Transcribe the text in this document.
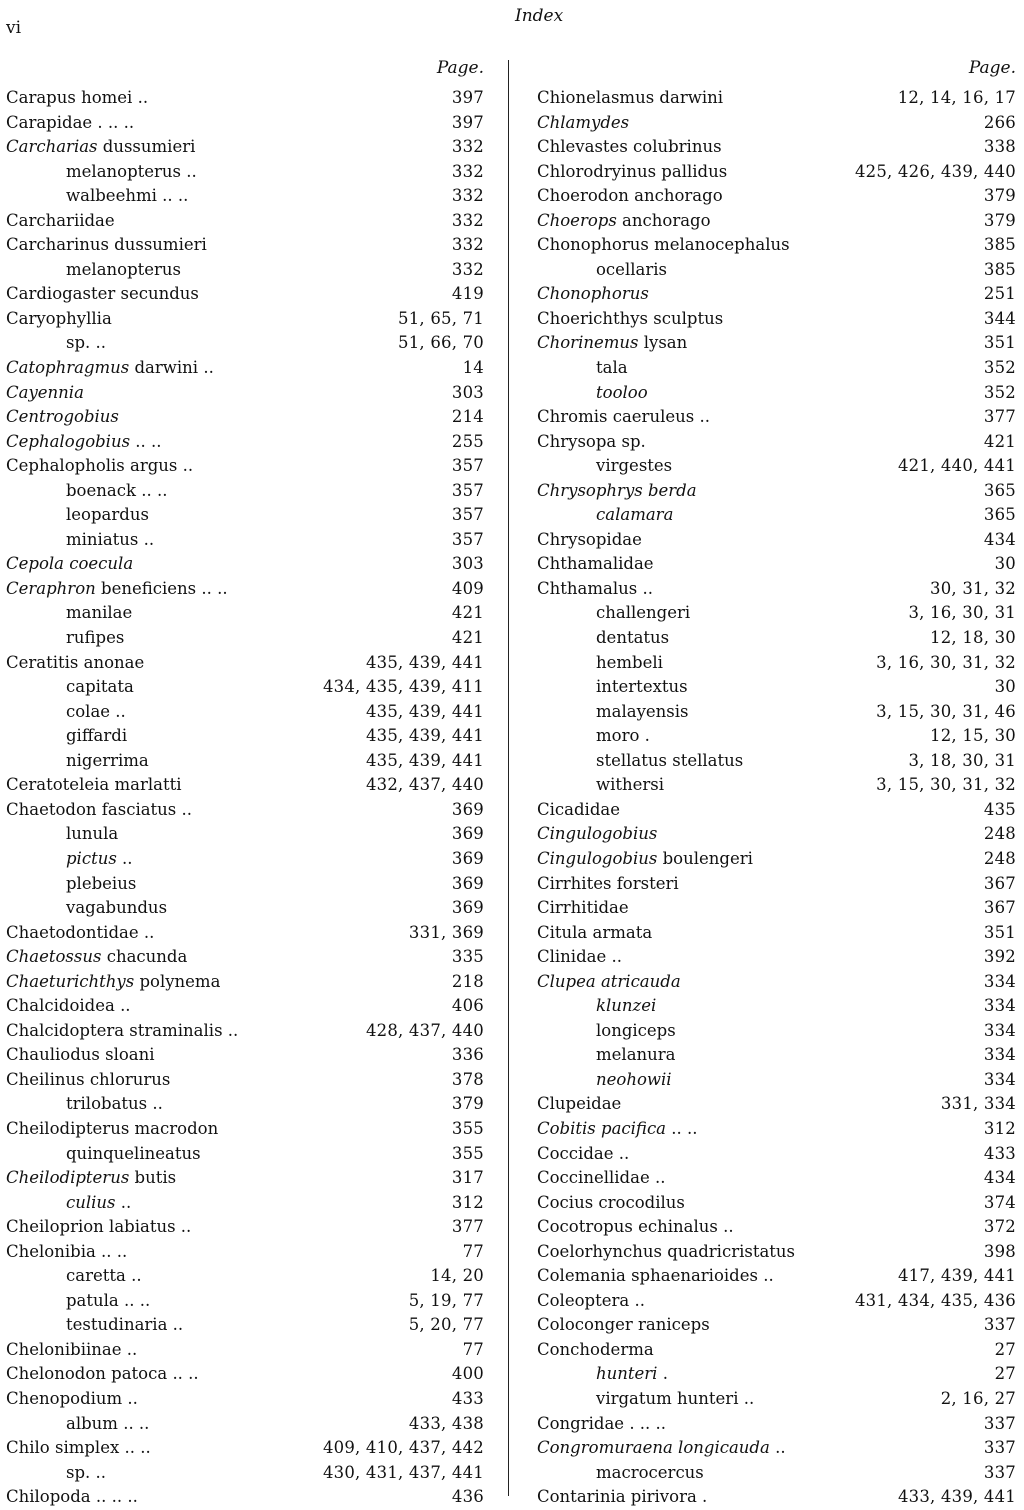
vi
Index
Page.
Carapus homei ..	397
Carapidae . .. ..	397
Carcharias dussumieri	332
melanopterus ..	332
walbeehmi .. ..	332
Carchariidae	332
Carcharinus dussumieri	332
melanopterus	332
Cardiogaster secundus	419
Caryophyllia	51, 65, 71
sp. ..	51, 66, 70
Catophragmus darwini ..	14
Cayennia	303
Centrogobius	214
Cephalogobius .. ..	255
Cephalopholis argus ..	357
boenack .. ..	357
leopardus	357
miniatus ..	357
Cepola coecula	303
Ceraphron beneficiens .. ..	409
manilae	421
rufipes	421
Ceratitis anonae	435, 439, 441
capitata	434, 435, 439, 411
colae ..	435, 439, 441
giffardi	435, 439, 441
nigerrima	435, 439, 441
Ceratoteleia marlatti	432, 437, 440
Chaetodon fasciatus ..	369
lunula	369
pictus ..	369
plebeius	369
vagabundus	369
Chaetodontidae ..	331, 369
Chaetossus chacunda	335
Chaeturichthys polynema	218
Chalcidoidea ..	406
Chalcidoptera straminalis ..	428, 437, 440
Chauliodus sloani	336
Cheilinus chlorurus	378
trilobatus ..	379
Cheilodipterus macrodon	355
quinquelineatus	355
Cheilodipterus butis	317
culius ..	312
Cheiloprion labiatus ..	377
Chelonibia .. ..	77
caretta ..	14, 20
patula .. ..	5, 19, 77
testudinaria ..	5, 20, 77
Chelonibiinae ..	77
Chelonodon patoca .. ..	400
Chenopodium ..	433
album .. ..	433, 438
Chilo simplex .. ..	409, 410, 437, 442
sp. ..	430, 431, 437, 441
Chilopoda .. .. ..	436
Page.
Chionelasmus darwini	12, 14, 16, 17
Chlamydes	266
Chlevastes colubrinus	338
Chlorodryinus pallidus	425, 426, 439, 440
Choerodon anchorago	379
Choerops anchorago	379
Chonophorus melanocephalus	385
ocellaris	385
Chonophorus	251
Choerichthys sculptus	344
Chorinemus lysan	351
tala	352
tooloo	352
Chromis caeruleus ..	377
Chrysopa sp.	421
virgestes	421, 440, 441
Chrysophrys berda	365
calamara	365
Chrysopidae	434
Chthamalidae	30
Chthamalus ..	30, 31, 32
challengeri	3, 16, 30, 31
dentatus	12, 18, 30
hembeli	3, 16, 30, 31, 32
intertextus	30
malayensis	3, 15, 30, 31, 46
moro .	12, 15, 30
stellatus stellatus	3, 18, 30, 31
withersi	3, 15, 30, 31, 32
Cicadidae	435
Cingulogobius	248
Cingulogobius boulengeri	248
Cirrhites forsteri	367
Cirrhitidae	367
Citula armata	351
Clinidae ..	392
Clupea atricauda	334
klunzei	334
longiceps	334
melanura	334
neohowii	334
Clupeidae	331, 334
Cobitis pacifica .. ..	312
Coccidae ..	433
Coccinellidae ..	434
Cocius crocodilus	374
Cocotropus echinalus ..	372
Coelorhynchus quadricristatus	398
Colemania sphaenarioides ..	417, 439, 441
Coleoptera ..	431, 434, 435, 436
Coloconger raniceps	337
Conchoderma	27
hunteri .	27
virgatum hunteri ..	2, 16, 27
Congridae . .. ..	337
Congromuraena longicauda ..	337
macrocercus	337
Contarinia pirivora .	433, 439, 441
